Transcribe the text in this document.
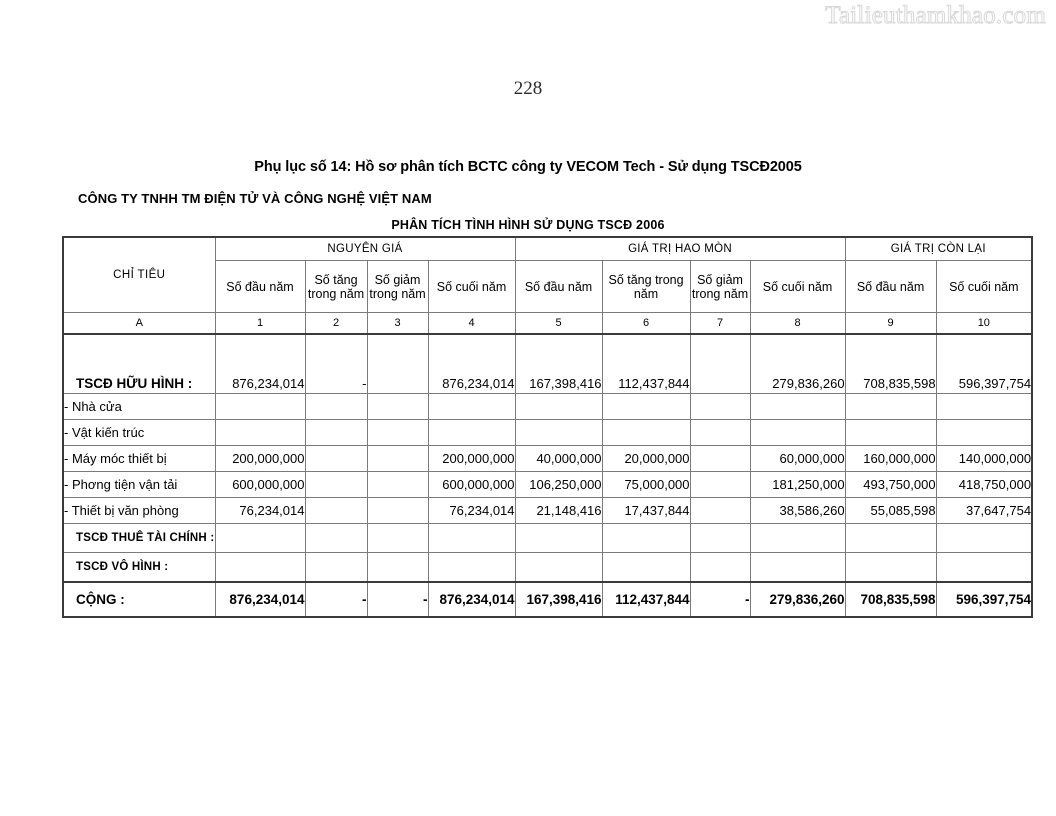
Tailieuthamkhao.com
228
Phụ lục số 14: Hồ sơ phân tích BCTC công ty VECOM Tech - Sử dụng TSCĐ2005
CÔNG TY TNHH TM ĐIỆN TỬ VÀ CÔNG NGHỆ VIỆT NAM
PHÂN TÍCH TÌNH HÌNH SỬ DỤNG TSCĐ 2006
CHỈ TIÊU	NGUYÊN GIÁ				GIÁ TRỊ HAO MÒN				GIÁ TRỊ CÒN LẠI	
	Số đầu năm	Số tăng trong năm	Số giảm trong năm	Số cuối năm	Số đầu năm	Số tăng trong năm	Số giảm trong năm	Số cuối năm	Số đầu năm	Số cuối năm
A	1	2	3	4	5	6	7	8	9	10
TSCĐ HỮU HÌNH :	876,234,014	-		876,234,014	167,398,416	112,437,844		279,836,260	708,835,598	596,397,754
- Nhà cửa										
- Vật kiến trúc										
- Máy móc thiết bị	200,000,000			200,000,000	40,000,000	20,000,000		60,000,000	160,000,000	140,000,000
- Phơng tiện vận tải	600,000,000			600,000,000	106,250,000	75,000,000		181,250,000	493,750,000	418,750,000
- Thiết bị văn phòng	76,234,014			76,234,014	21,148,416	17,437,844		38,586,260	55,085,598	37,647,754
TSCĐ THUÊ TÀI CHÍNH :										
TSCĐ VÔ HÌNH :										
CỘNG :	876,234,014	-	-	876,234,014	167,398,416	112,437,844	-	279,836,260	708,835,598	596,397,754
